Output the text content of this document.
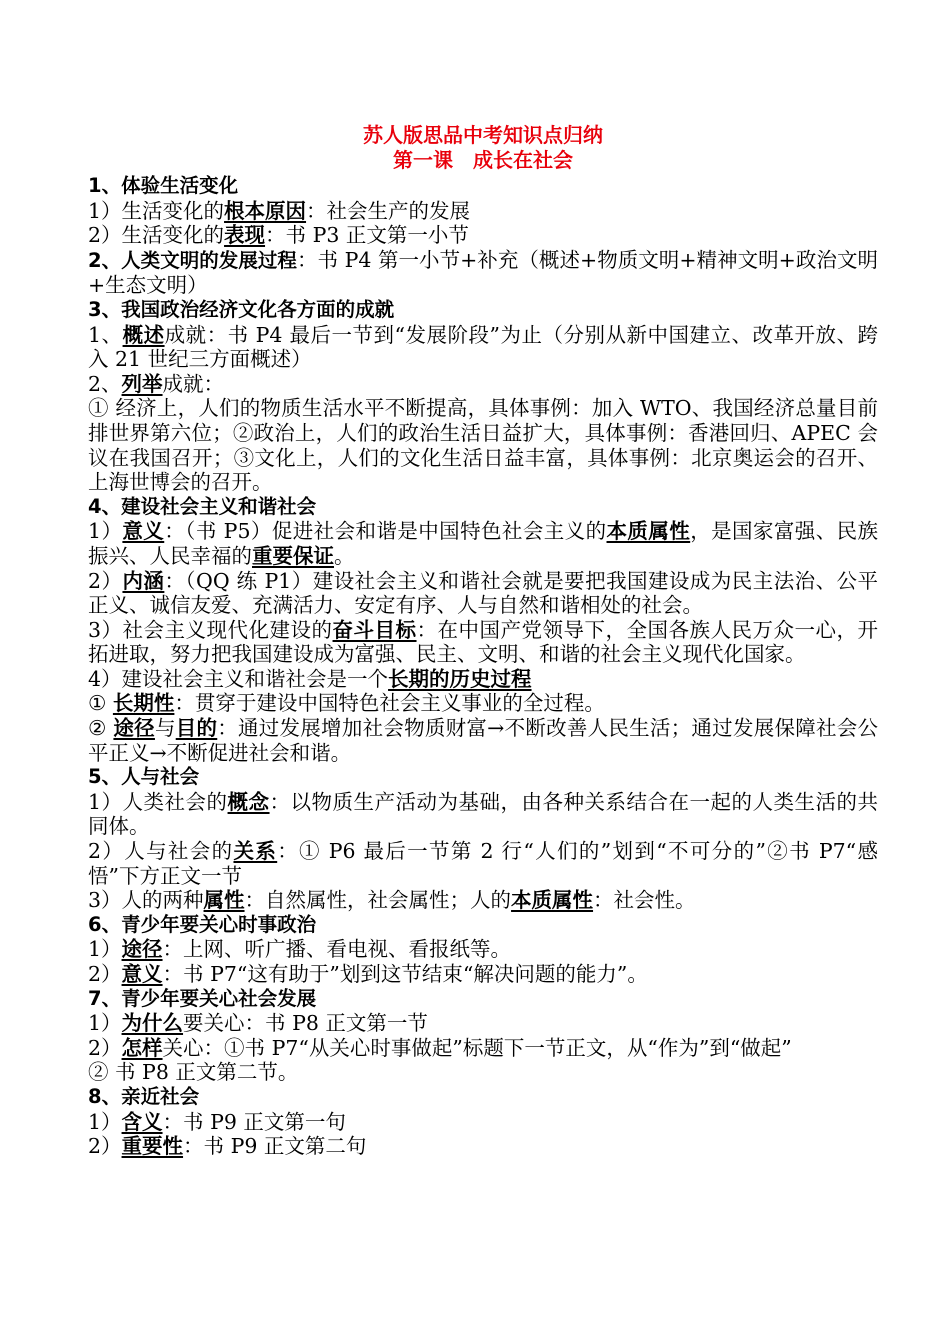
苏人版思品中考知识点归纳
第一课　成长在社会
1、体验生活变化
1）生活变化的根本原因：社会生产的发展
2）生活变化的表现：书 P3 正文第一小节
2、人类文明的发展过程：书 P4 第一小节+补充（概述+物质文明+精神文明+政治文明+生态文明）
3、我国政治经济文化各方面的成就
1、概述成就：书 P4 最后一节到“发展阶段”为止（分别从新中国建立、改革开放、跨入 21 世纪三方面概述）
2、列举成就：
① 经济上，人们的物质生活水平不断提高，具体事例：加入 WTO、我国经济总量目前排世界第六位；②政治上，人们的政治生活日益扩大，具体事例：香港回归、APEC 会议在我国召开；③文化上，人们的文化生活日益丰富，具体事例：北京奥运会的召开、上海世博会的召开。
4、建设社会主义和谐社会
1）意义：（书 P5）促进社会和谐是中国特色社会主义的本质属性，是国家富强、民族振兴、人民幸福的重要保证。
2）内涵：（QQ 练 P1）建设社会主义和谐社会就是要把我国建设成为民主法治、公平正义、诚信友爱、充满活力、安定有序、人与自然和谐相处的社会。
3）社会主义现代化建设的奋斗目标：在中国产党领导下，全国各族人民万众一心，开拓进取，努力把我国建设成为富强、民主、文明、和谐的社会主义现代化国家。
4）建设社会主义和谐社会是一个长期的历史过程
① 长期性：贯穿于建设中国特色社会主义事业的全过程。
② 途径与目的：通过发展增加社会物质财富→不断改善人民生活；通过发展保障社会公平正义→不断促进社会和谐。
5、人与社会
1）人类社会的概念：以物质生产活动为基础，由各种关系结合在一起的人类生活的共同体。
2）人与社会的关系：① P6 最后一节第 2 行“人们的”划到“不可分的”②书 P7“感悟”下方正文一节
3）人的两种属性：自然属性，社会属性；人的本质属性：社会性。
6、青少年要关心时事政治
1）途径：上网、听广播、看电视、看报纸等。
2）意义：书 P7“这有助于”划到这节结束“解决问题的能力”。
7、青少年要关心社会发展
1）为什么要关心：书 P8 正文第一节
2）怎样关心：①书 P7“从关心时事做起”标题下一节正文，从“作为”到“做起”
② 书 P8 正文第二节。
8、亲近社会
1）含义：书 P9 正文第一句
2）重要性：书 P9 正文第二句
